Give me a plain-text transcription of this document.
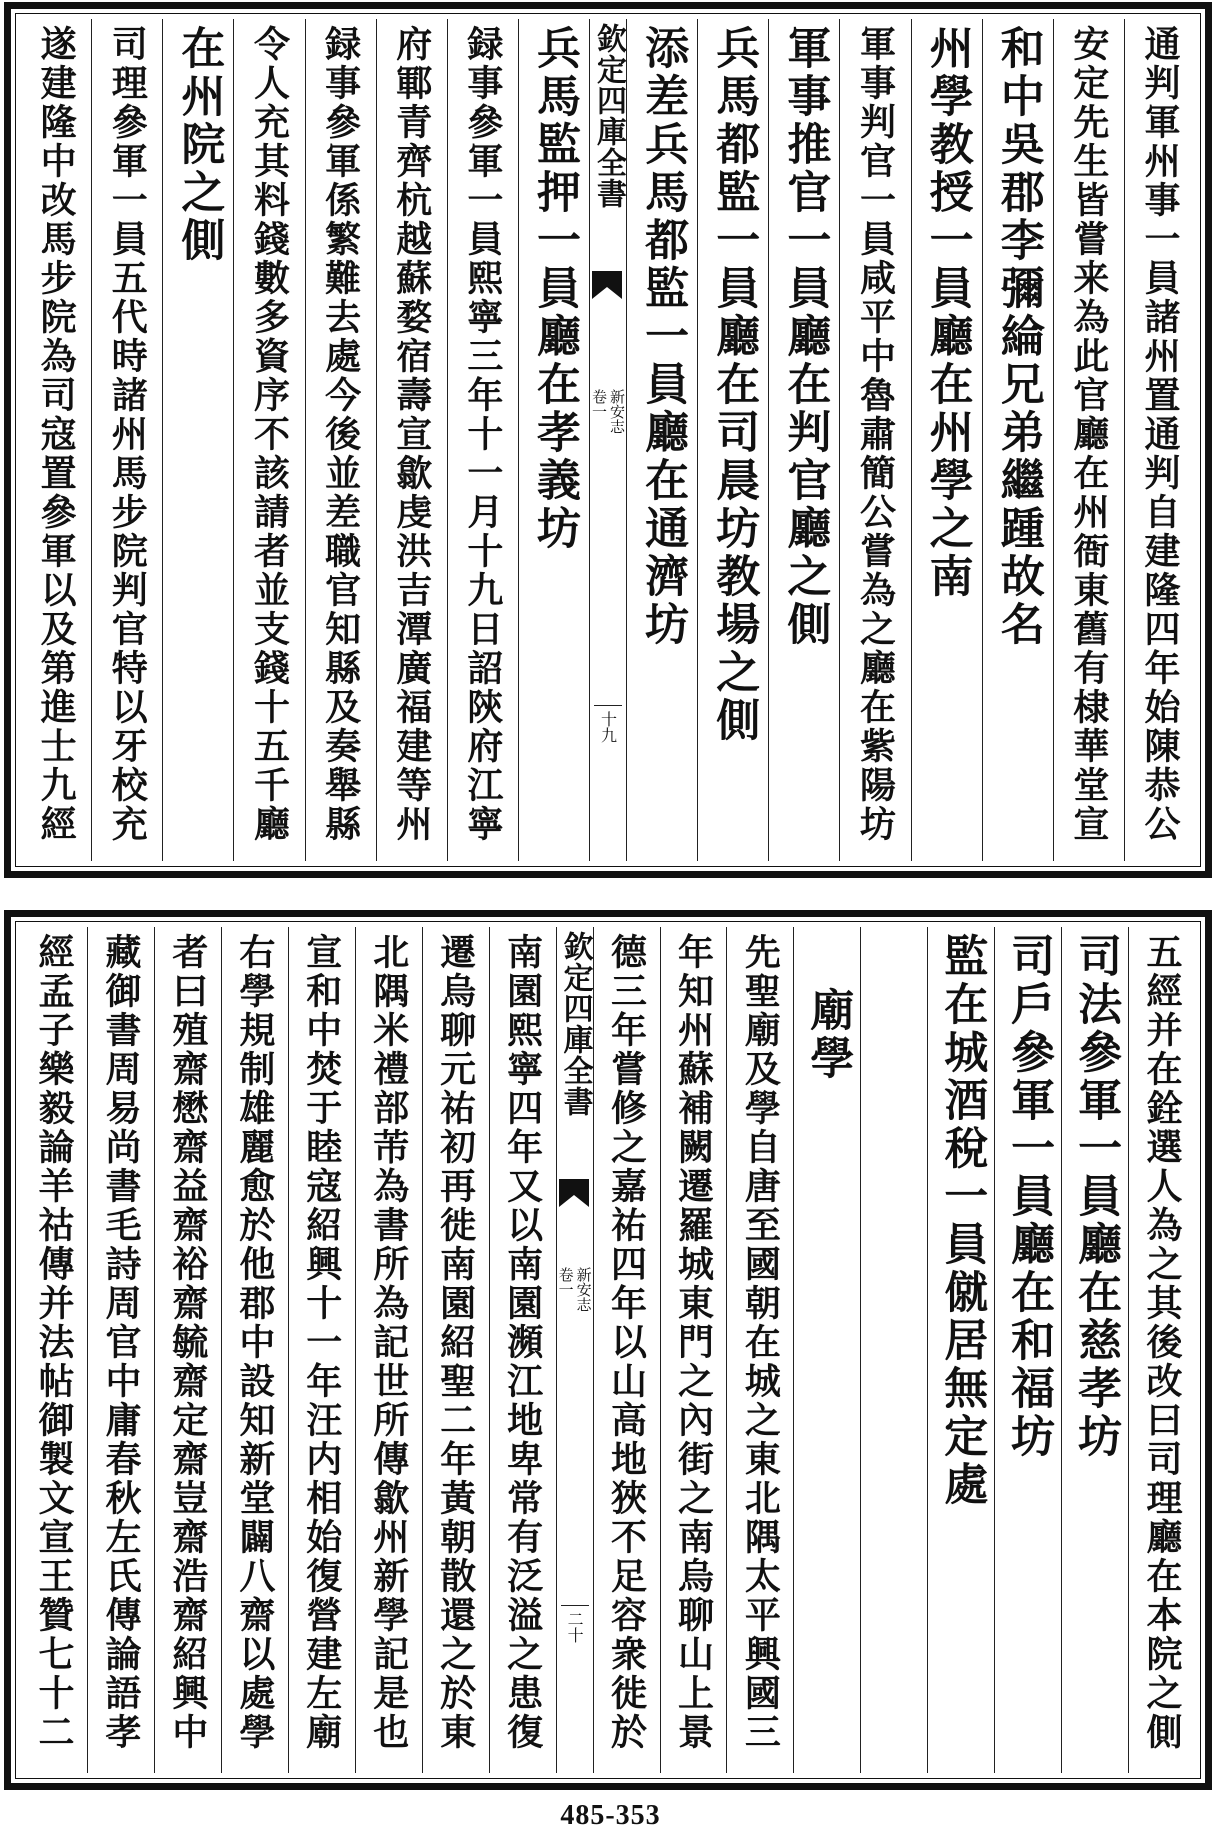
通判軍州事一員諸州置通判自建隆四年始陳恭公
安定先生皆嘗来為此官廳在州衙東舊有棣華堂宣
和中吳郡李彌綸兄弟繼踵故名
州學教授一員廳在州學之南
軍事判官一員咸平中魯肅簡公嘗為之廳在紫陽坊
軍事推官一員廳在判官廳之側
兵馬都監一員廳在司晨坊教場之側
添差兵馬都監一員廳在通濟坊
欽定四庫全書
新安志
卷一
十九
兵馬監押一員廳在孝義坊
録事參軍一員熙寧三年十一月十九日詔陝府江寧
府鄆青齊杭越蘇婺宿壽宣歙虔洪吉潭廣福建等州
録事參軍係繁難去處今後並差職官知縣及奏舉縣
令人充其料錢數多資序不該請者並支錢十五千廳
在州院之側
司理參軍一員五代時諸州馬步院判官特以牙校充
遂建隆中改馬步院為司寇置參軍以及第進士九經
五經并在銓選人為之其後改曰司理廳在本院之側
司法參軍一員廳在慈孝坊
司戶參軍一員廳在和福坊
監在城酒稅一員僦居無定處
廟學
先聖廟及學自唐至國朝在城之東北隅太平興國三
年知州蘇補闕遷羅城東門之內街之南烏聊山上景
德三年嘗修之嘉祐四年以山高地狹不足容衆徙於
欽定四庫全書
新安志
卷一
二十
南園熙寧四年又以南園瀕江地卑常有泛溢之患復
遷烏聊元祐初再徙南園紹聖二年黃朝散還之於東
北隅米禮部芾為書所為記世所傳歙州新學記是也
宣和中焚于睦寇紹興十一年汪内相始復營建左廟
右學規制雄麗愈於他郡中設知新堂闢八齋以處學
者曰殖齋懋齋益齋裕齋毓齋定齋豈齋浩齋紹興中
藏御書周易尚書毛詩周官中庸春秋左氏傳論語孝
經孟子樂毅論羊祜傳并法帖御製文宣王贊七十二
485-353
